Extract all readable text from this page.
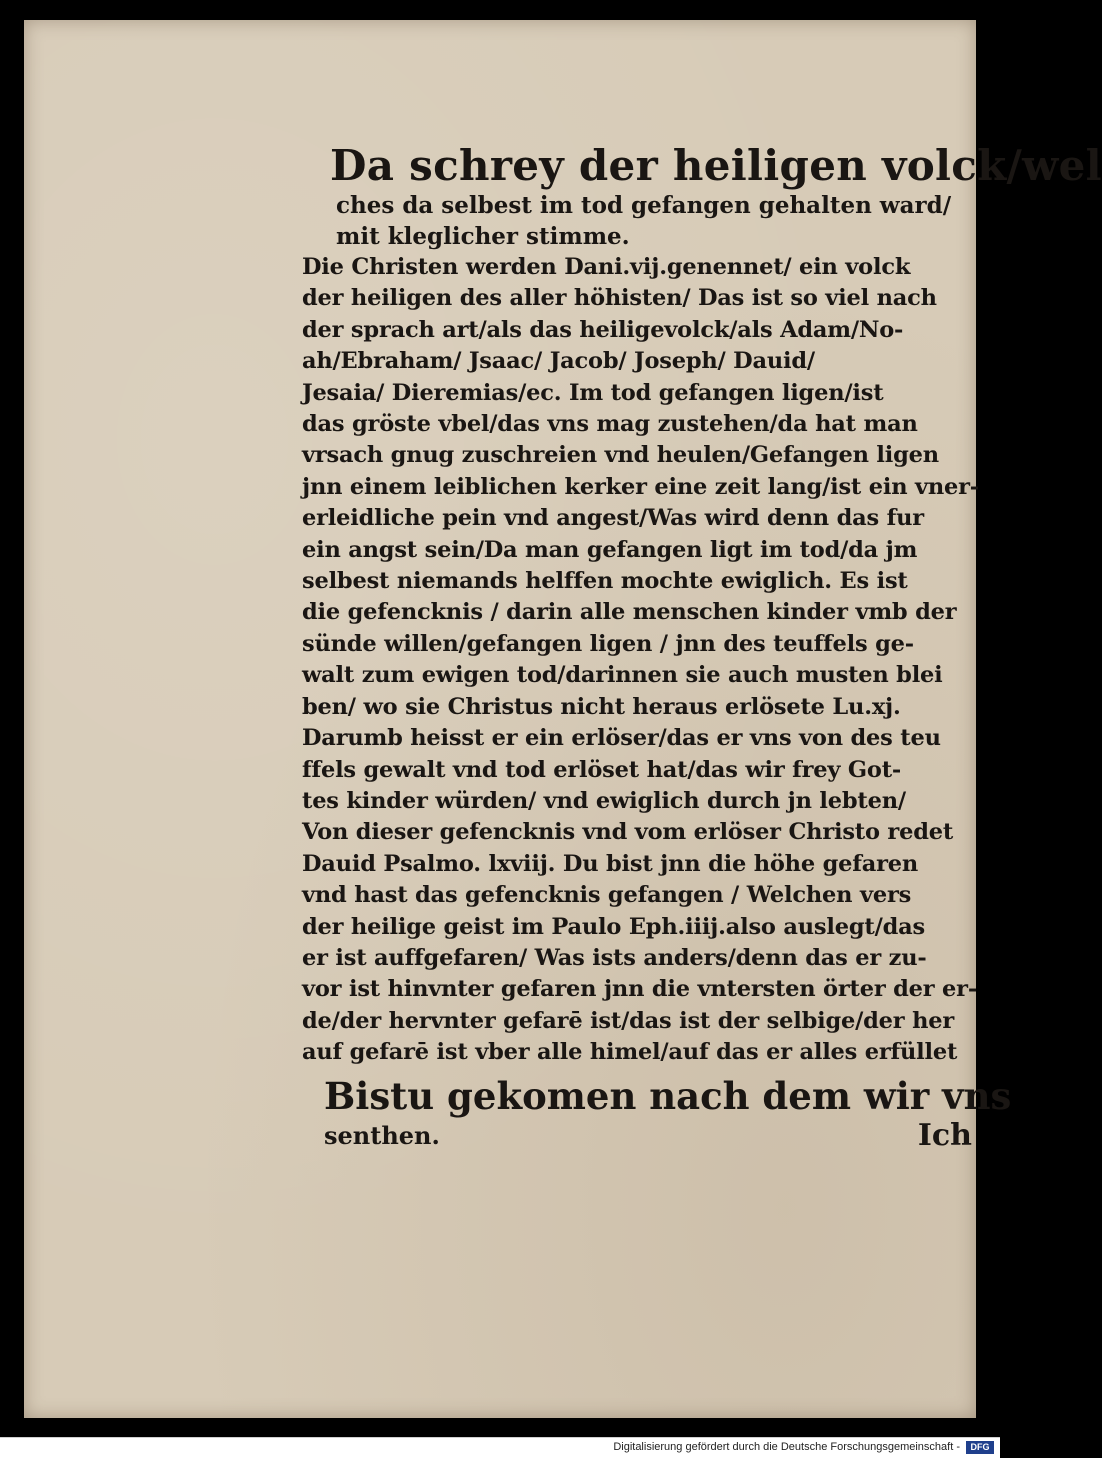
Da schrey der heiligen volck/wel
ches da selbest im tod gefangen gehalten ward/
mit kleglicher stimme.
Die Christen werden Dani.vij.genennet/ ein volck
der heiligen des aller höhisten/ Das ist so viel nach
der sprach art/als das heiligevolck/als Adam/No-
ah/Ebraham/ Jsaac/ Jacob/ Joseph/ Dauid/
Jesaia/ Dieremias/ec. Im tod gefangen ligen/ist
das gröste vbel/das vns mag zustehen/da hat man
vrsach gnug zuschreien vnd heulen/Gefangen ligen
jnn einem leiblichen kerker eine zeit lang/ist ein vner-
erleidliche pein vnd angest/Was wird denn das fur
ein angst sein/Da man gefangen ligt im tod/da jm
selbest niemands helffen mochte ewiglich. Es ist
die gefencknis / darin alle menschen kinder vmb der
sünde willen/gefangen ligen / jnn des teuffels ge-
walt zum ewigen tod/darinnen sie auch musten blei
ben/ wo sie Christus nicht heraus erlösete Lu.xj.
Darumb heisst er ein erlöser/das er vns von des teu
ffels gewalt vnd tod erlöset hat/das wir frey Got-
tes kinder würden/ vnd ewiglich durch jn lebten/
Von dieser gefencknis vnd vom erlöser Christo redet
Dauid Psalmo. lxviij. Du bist jnn die höhe gefaren
vnd hast das gefencknis gefangen / Welchen vers
der heilige geist im Paulo Eph.iiij.also auslegt/das
er ist auffgefaren/ Was ists anders/denn das er zu-
vor ist hinvnter gefaren jnn die vntersten örter der er-
de/der hervnter gefarē ist/das ist der selbige/der her
auf gefarē ist vber alle himel/auf das er alles erfüllet
Bistu gekomen nach dem wir vns
senthen.	Ich
Digitalisierung gefördert durch die Deutsche Forschungsgemeinschaft -	DFG
